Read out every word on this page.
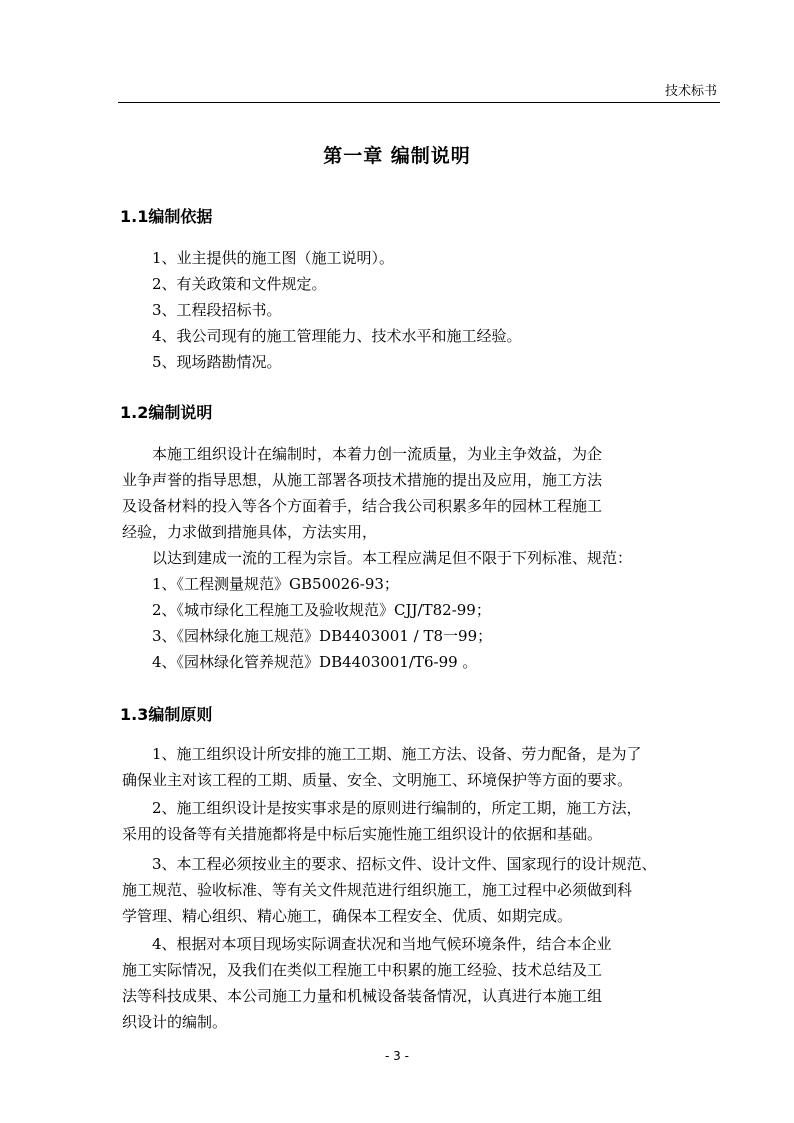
技术标书
第一章 编制说明
1.1编制依据
1、业主提供的施工图（施工说明）。
2、有关政策和文件规定。
3、工程段招标书。
4、我公司现有的施工管理能力、技术水平和施工经验。
5、现场踏勘情况。
1.2编制说明
本施工组织设计在编制时，本着力创一流质量，为业主争效益，为企
业争声誉的指导思想，从施工部署各项技术措施的提出及应用，施工方法
及设备材料的投入等各个方面着手，结合我公司积累多年的园林工程施工
经验，力求做到措施具体，方法实用，
以达到建成一流的工程为宗旨。本工程应满足但不限于下列标准、规范：
1、《工程测量规范》GB50026-93；
2、《城市绿化工程施工及验收规范》CJJ/T82-99；
3、《园林绿化施工规范》DB4403001 / T8一99；
4、《园林绿化管养规范》DB4403001/T6-99 。
1.3编制原则
1、施工组织设计所安排的施工工期、施工方法、设备、劳力配备，是为了
确保业主对该工程的工期、质量、安全、文明施工、环境保护等方面的要求。
2、施工组织设计是按实事求是的原则进行编制的，所定工期，施工方法，
采用的设备等有关措施都将是中标后实施性施工组织设计的依据和基础。
3、本工程必须按业主的要求、招标文件、设计文件、国家现行的设计规范、
施工规范、验收标准、等有关文件规范进行组织施工，施工过程中必须做到科
学管理、精心组织、精心施工，确保本工程安全、优质、如期完成。
4、根据对本项目现场实际调查状况和当地气候环境条件，结合本企业
施工实际情况，及我们在类似工程施工中积累的施工经验、技术总结及工
法等科技成果、本公司施工力量和机械设备装备情况，认真进行本施工组
织设计的编制。
- 3 -
